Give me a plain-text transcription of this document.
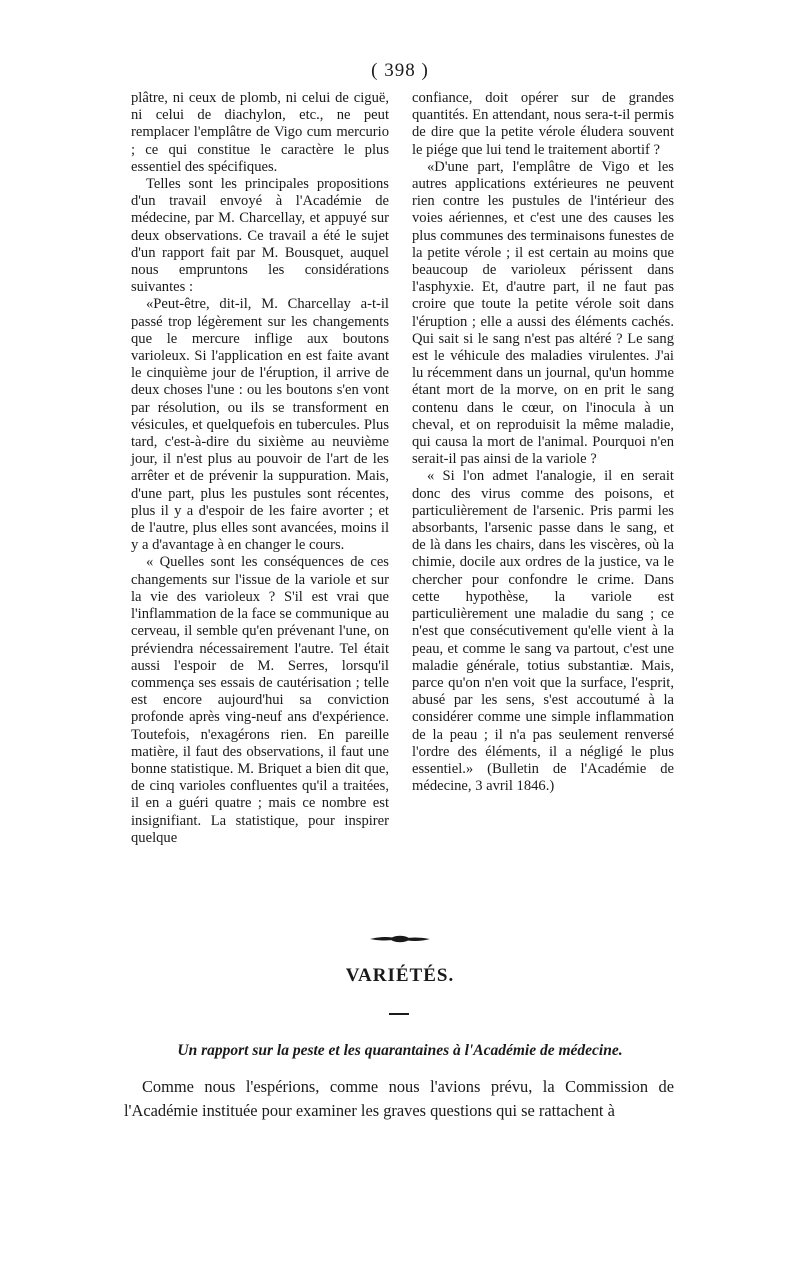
( 398 )

plâtre, ni ceux de plomb, ni celui de ciguë, ni celui de diachylon, etc., ne peut remplacer l'emplâtre de Vigo cum mercurio ; ce qui constitue le caractère le plus essentiel des spécifiques.

Telles sont les principales propositions d'un travail envoyé à l'Académie de médecine, par M. Charcellay, et appuyé sur deux observations. Ce travail a été le sujet d'un rapport fait par M. Bousquet, auquel nous empruntons les considérations suivantes :

«Peut-être, dit-il, M. Charcellay a-t-il passé trop légèrement sur les changements que le mercure inflige aux boutons varioleux. Si l'application en est faite avant le cinquième jour de l'éruption, il arrive de deux choses l'une : ou les boutons s'en vont par résolution, ou ils se transforment en vésicules, et quelquefois en tubercules. Plus tard, c'est-à-dire du sixième au neuvième jour, il n'est plus au pouvoir de l'art de les arrêter et de prévenir la suppuration. Mais, d'une part, plus les pustules sont récentes, plus il y a d'espoir de les faire avorter ; et de l'autre, plus elles sont avancées, moins il y a d'avantage à en changer le cours.

« Quelles sont les conséquences de ces changements sur l'issue de la variole et sur la vie des varioleux ? S'il est vrai que l'inflammation de la face se communique au cerveau, il semble qu'en prévenant l'une, on préviendra nécessairement l'autre. Tel était aussi l'espoir de M. Serres, lorsqu'il commença ses essais de cautérisation ; telle est encore aujourd'hui sa conviction profonde après ving-neuf ans d'expérience. Toutefois, n'exagérons rien. En pareille matière, il faut des observations, il faut une bonne statistique. M. Briquet a bien dit que, de cinq varioles confluentes qu'il a traitées, il en a guéri quatre ; mais ce nombre est insignifiant. La statistique, pour inspirer quelque

confiance, doit opérer sur de grandes quantités. En attendant, nous sera-t-il permis de dire que la petite vérole éludera souvent le piége que lui tend le traitement abortif ?

«D'une part, l'emplâtre de Vigo et les autres applications extérieures ne peuvent rien contre les pustules de l'intérieur des voies aériennes, et c'est une des causes les plus communes des terminaisons funestes de la petite vérole ; il est certain au moins que beaucoup de varioleux périssent dans l'asphyxie. Et, d'autre part, il ne faut pas croire que toute la petite vérole soit dans l'éruption ; elle a aussi des éléments cachés. Qui sait si le sang n'est pas altéré ? Le sang est le véhicule des maladies virulentes. J'ai lu récemment dans un journal, qu'un homme étant mort de la morve, on en prit le sang contenu dans le cœur, on l'inocula à un cheval, et on reproduisit la même maladie, qui causa la mort de l'animal. Pourquoi n'en serait-il pas ainsi de la variole ?

« Si l'on admet l'analogie, il en serait donc des virus comme des poisons, et particulièrement de l'arsenic. Pris parmi les absorbants, l'arsenic passe dans le sang, et de là dans les chairs, dans les viscères, où la chimie, docile aux ordres de la justice, va le chercher pour confondre le crime. Dans cette hypothèse, la variole est particulièrement une maladie du sang ; ce n'est que consécutivement qu'elle vient à la peau, et comme le sang va partout, c'est une maladie générale, totius substantiæ. Mais, parce qu'on n'en voit que la surface, l'esprit, abusé par les sens, s'est accoutumé à la considérer comme une simple inflammation de la peau ; il n'a pas seulement renversé l'ordre des éléments, il a négligé le plus essentiel.» (Bulletin de l'Académie de médecine, 3 avril 1846.)

VARIÉTÉS.
Un rapport sur la peste et les quarantaines à l'Académie de médecine.
Comme nous l'espérions, comme nous l'avions prévu, la Commission de l'Académie instituée pour examiner les graves questions qui se rattachent à
